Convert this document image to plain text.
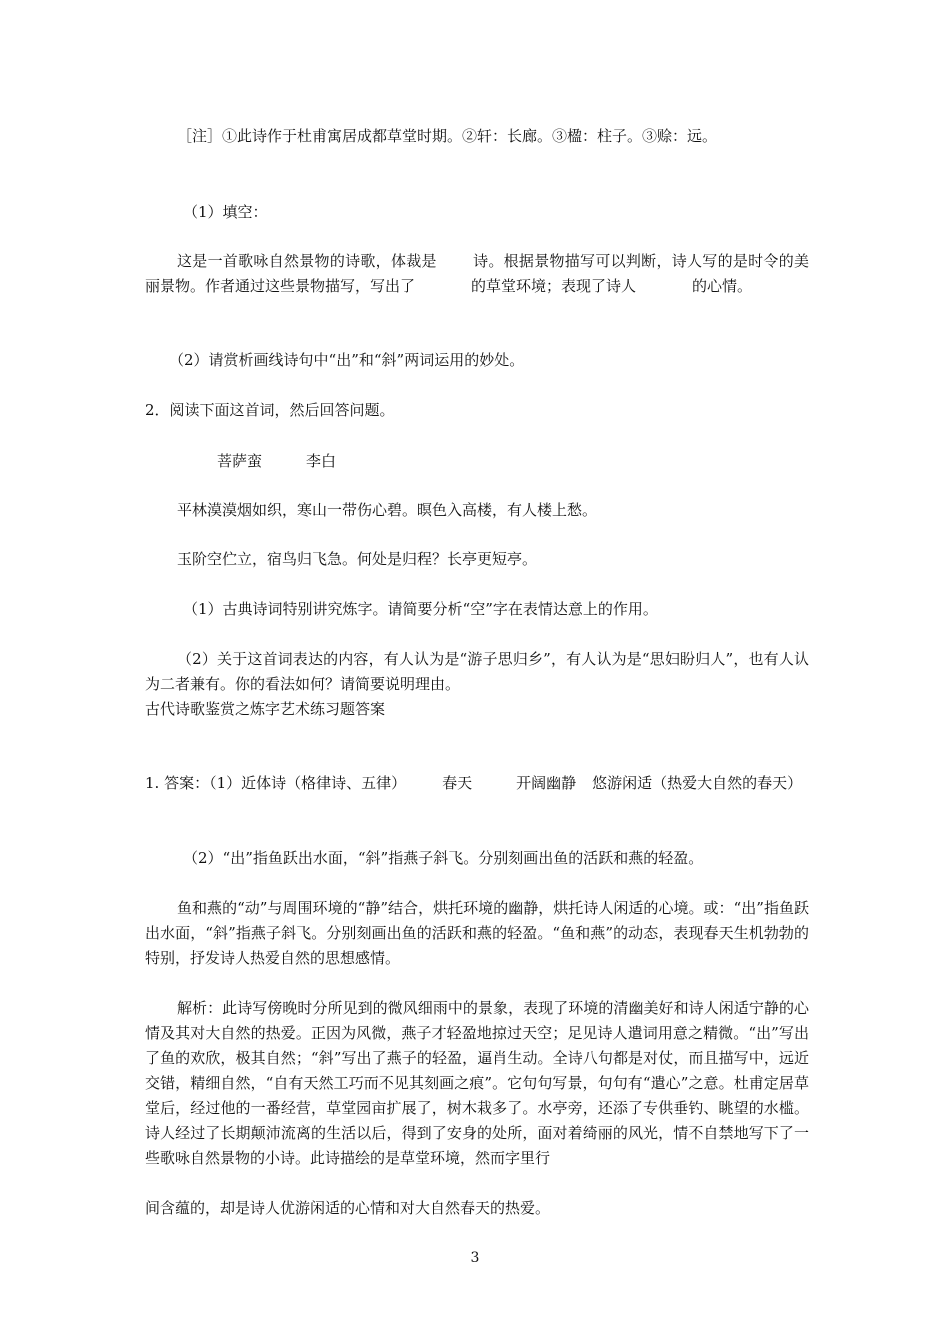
［注］①此诗作于杜甫寓居成都草堂时期。②轩：长廊。③楹：柱子。③赊：远。

（1）填空：

这是一首歌咏自然景物的诗歌，体裁是 诗。根据景物描写可以判断，诗人写的是时令的美丽景物。作者通过这些景物描写，写出了	的草堂环境；表现了诗人	的心情。

（2）请赏析画线诗句中“出”和“斜”两词运用的妙处。

2．阅读下面这首词，然后回答问题。

菩萨蛮	李白

平林漠漠烟如织，寒山一带伤心碧。暝色入高楼，有人楼上愁。

玉阶空伫立，宿鸟归飞急。何处是归程？长亭更短亭。

（1）古典诗词特别讲究炼字。请简要分析“空”字在表情达意上的作用。

（2）关于这首词表达的内容，有人认为是“游子思归乡”，有人认为是“思妇盼归人”，也有人认为二者兼有。你的看法如何？请简要说明理由。

古代诗歌鉴赏之炼字艺术练习题答案

1. 答案：（1）近体诗（格律诗、五律） 春天	开阔幽静 悠游闲适（热爱大自然的春天）

（2）“出”指鱼跃出水面，“斜”指燕子斜飞。分别刻画出鱼的活跃和燕的轻盈。

鱼和燕的“动”与周围环境的“静”结合，烘托环境的幽静，烘托诗人闲适的心境。或：“出”指鱼跃出水面，“斜”指燕子斜飞。分别刻画出鱼的活跃和燕的轻盈。“鱼和燕”的动态，表现春天生机勃勃的特别，抒发诗人热爱自然的思想感情。

解析：此诗写傍晚时分所见到的微风细雨中的景象，表现了环境的清幽美好和诗人闲适宁静的心情及其对大自然的热爱。正因为风微，燕子才轻盈地掠过天空；足见诗人遣词用意之精微。“出”写出了鱼的欢欣，极其自然；“斜”写出了燕子的轻盈，逼肖生动。全诗八句都是对仗，而且描写中，远近交错，精细自然，“自有天然工巧而不见其刻画之痕”。它句句写景，句句有“遣心”之意。杜甫定居草堂后，经过他的一番经营，草堂园亩扩展了，树木栽多了。水亭旁，还添了专供垂钓、眺望的水槛。诗人经过了长期颠沛流离的生活以后，得到了安身的处所，面对着绮丽的风光，情不自禁地写下了一些歌咏自然景物的小诗。此诗描绘的是草堂环境，然而字里行

间含蕴的，却是诗人优游闲适的心情和对大自然春天的热爱。

3
